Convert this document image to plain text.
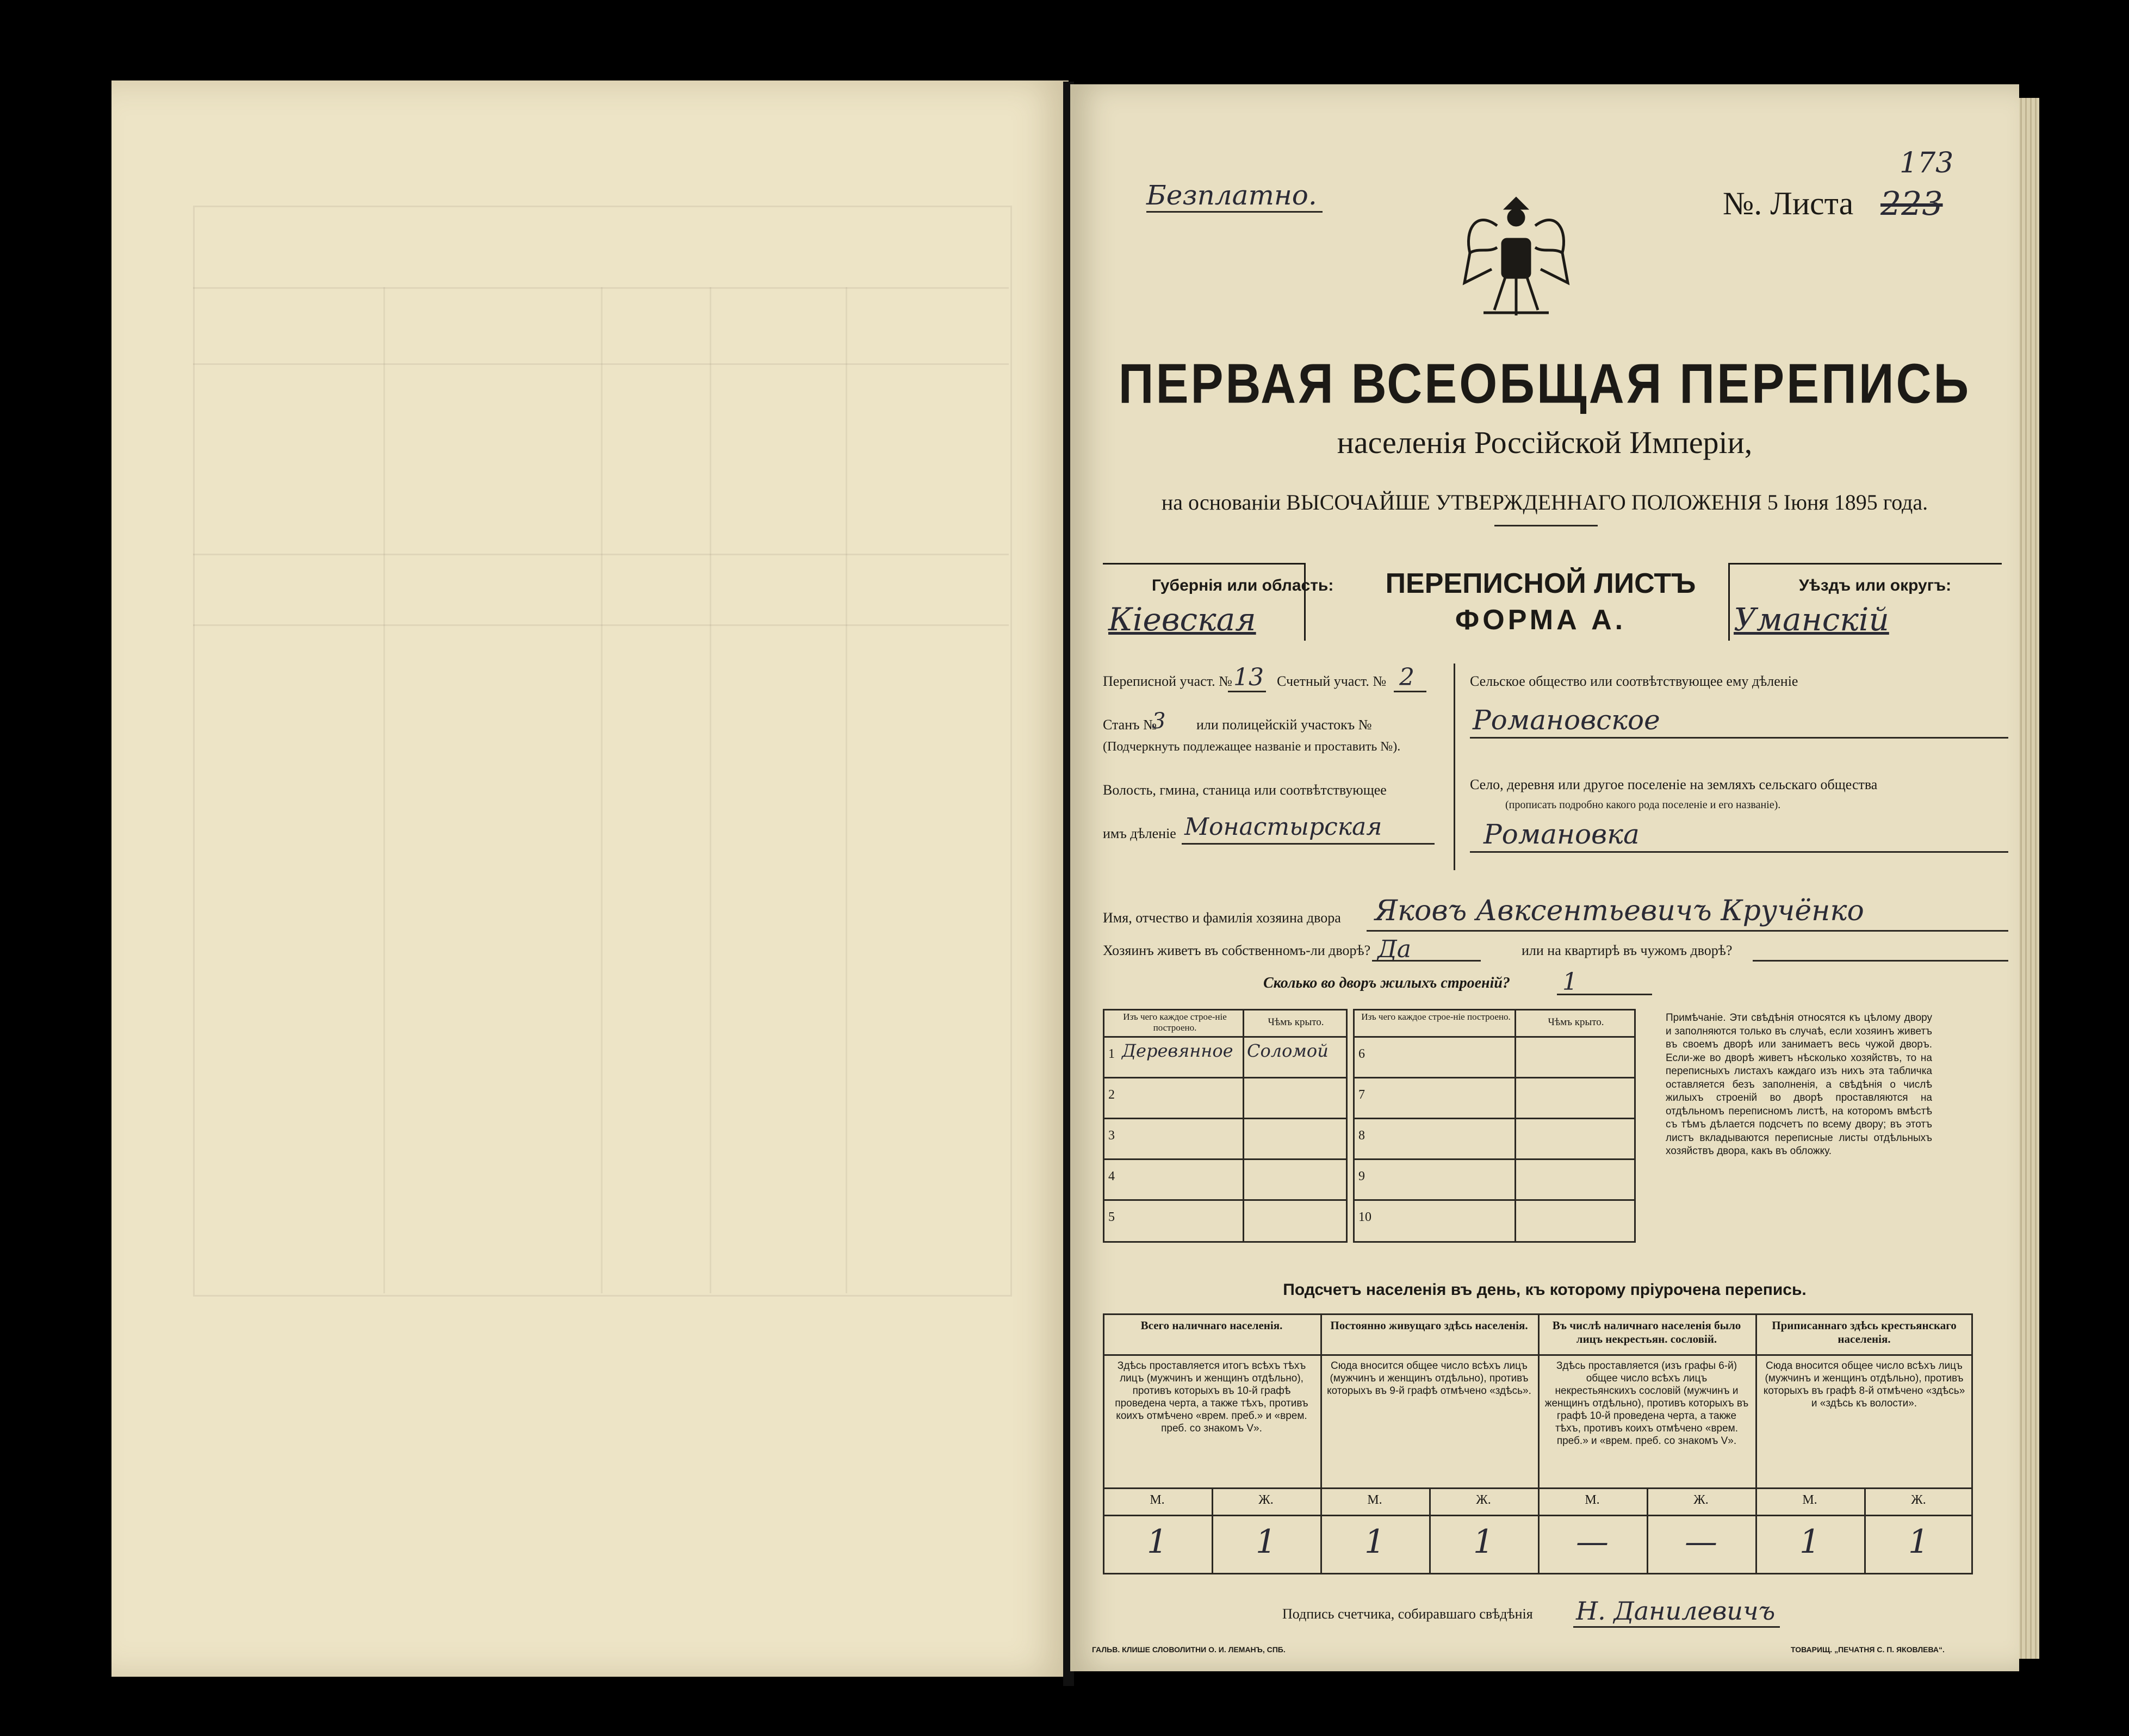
Безплатно.	№. Листа 223
173
ПЕРВАЯ ВСЕОБЩАЯ ПЕРЕПИСЬ
населенія Россійской Имперіи,
на основаніи ВЫСОЧАЙШЕ УТВЕРЖДЕННАГО ПОЛОЖЕНІЯ 5 Іюня 1895 года.
Губернія или область:
Кіевская
ПЕРЕПИСНОЙ ЛИСТЪ
ФОРМА А.
Уѣздъ или округъ:
Уманскій
Переписной участ. № 13 Счетный участ. № 2
Станъ №
3 или полицейскій участокъ №
(Подчеркнуть подлежащее названіе и проставить №).
Волость, гмина, станица или соотвѣтствующее
имъ дѣленіе Монастырская
Сельское общество или соотвѣтствующее ему дѣленіе
Романовское
Село, деревня или другое поселеніе на земляхъ сельскаго общества
(прописать подробно какого рода поселеніе и его названіе).
Романовка
Имя, отчество и фамилія хозяина двора Яковъ Авксентьевичъ Кручёнко
Хозяинъ живетъ въ собственномъ-ли дворѣ? Да	или на квартирѣ въ чужомъ дворѣ?
Сколько во дворъ жилыхъ строеній? 1
Изъ чего каждое строе-ніе построено.	Чѣмъ крыто.
1 Деревянное Соломой
2
3
4
5
Изъ чего каждое строе-ніе построено.	Чѣмъ крыто.
6
7
8
9
10
Примѣчаніе. Эти свѣдѣнія относятся къ цѣлому двору и заполняются только въ случаѣ, если хозяинъ живетъ въ своемъ дворѣ или занимаетъ весь чужой дворъ. Если-же во дворѣ живетъ нѣсколько хозяйствъ, то на переписныхъ листахъ каждаго изъ нихъ эта табличка оставляется безъ заполненія, а свѣдѣнія о числѣ жилыхъ строеній во дворѣ проставляются на отдѣльномъ переписномъ листѣ, на которомъ вмѣстѣ съ тѣмъ дѣлается подсчетъ по всему двору; въ этотъ листъ вкладываются переписные листы отдѣльныхъ хозяйствъ двора, какъ въ обложку.
Подсчетъ населенія въ день, къ которому пріурочена перепись.
Всего наличнаго населенія.
Здѣсь проставляется итогъ всѣхъ тѣхъ лицъ (мужчинъ и женщинъ отдѣльно), противъ которыхъ въ 10-й графѣ проведена черта, а также тѣхъ, противъ коихъ отмѣчено «врем. преб.» и «врем. преб. со знакомъ V».
М.	Ж.
1	1
Постоянно живущаго здѣсь населенія.
Сюда вносится общее число всѣхъ лицъ (мужчинъ и женщинъ отдѣльно), противъ которыхъ въ 9-й графѣ отмѣчено «здѣсь».
М.	Ж.
1	1
Въ числѣ наличнаго населенія было лицъ некрестьян. сословій.
Здѣсь проставляется (изъ графы 6-й) общее число всѣхъ лицъ некрестьянскихъ сословій (мужчинъ и женщинъ отдѣльно), противъ которыхъ въ графѣ 10-й проведена черта, а также тѣхъ, противъ коихъ отмѣчено «врем. преб.» и «врем. преб. со знакомъ V».
М.	Ж.
—	—
Приписаннаго здѣсь крестьянскаго населенія.
Сюда вносится общее число всѣхъ лицъ (мужчинъ и женщинъ отдѣльно), противъ которыхъ въ графѣ 8-й отмѣчено «здѣсь» и «здѣсь къ волости».
М.	Ж.
1	1
Подпись счетчика, собиравшаго свѣдѣнія Н. Данилевичъ
ГАЛЬВ. КЛИШЕ СЛОВОЛИТНИ О. И. ЛЕМАНЪ, СПБ.	ТОВАРИЩ. „ПЕЧАТНЯ С. П. ЯКОВЛЕВА“.
